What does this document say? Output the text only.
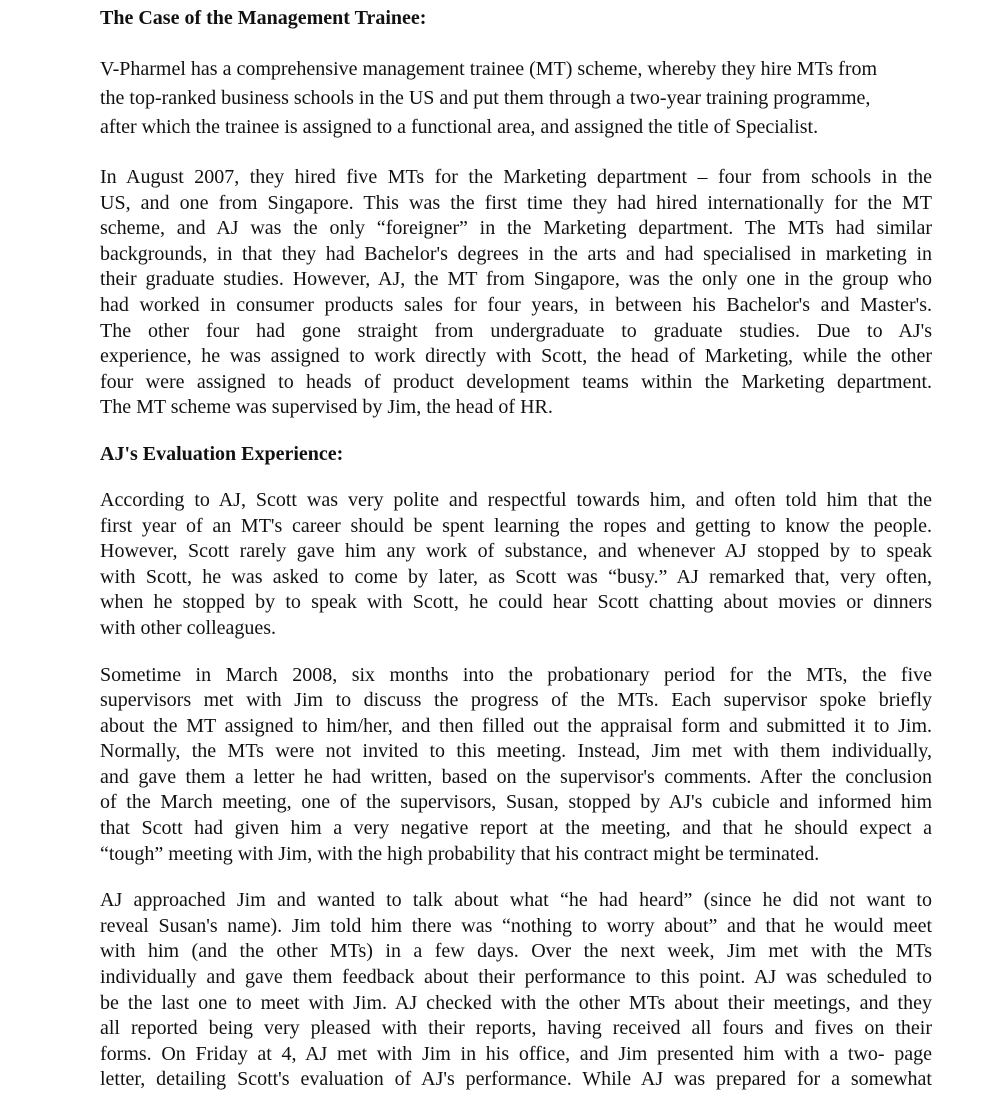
The Case of the Management Trainee:
V-Pharmel has a comprehensive management trainee (MT) scheme, whereby they hire MTs from
the top-ranked business schools in the US and put them through a two-year training programme,
after which the trainee is assigned to a functional area, and assigned the title of Specialist.
In August 2007, they hired five MTs for the Marketing department – four from schools in the
US, and one from Singapore. This was the first time they had hired internationally for the MT
scheme, and AJ was the only “foreigner” in the Marketing department. The MTs had similar
backgrounds, in that they had Bachelor's degrees in the arts and had specialised in marketing in
their graduate studies. However, AJ, the MT from Singapore, was the only one in the group who
had worked in consumer products sales for four years, in between his Bachelor's and Master's.
The other four had gone straight from undergraduate to graduate studies. Due to AJ's
experience, he was assigned to work directly with Scott, the head of Marketing, while the other
four were assigned to heads of product development teams within the Marketing department.
The MT scheme was supervised by Jim, the head of HR.
AJ's Evaluation Experience:
According to AJ, Scott was very polite and respectful towards him, and often told him that the
first year of an MT's career should be spent learning the ropes and getting to know the people.
However, Scott rarely gave him any work of substance, and whenever AJ stopped by to speak
with Scott, he was asked to come by later, as Scott was “busy.” AJ remarked that, very often,
when he stopped by to speak with Scott, he could hear Scott chatting about movies or dinners
with other colleagues.
Sometime in March 2008, six months into the probationary period for the MTs, the five
supervisors met with Jim to discuss the progress of the MTs. Each supervisor spoke briefly
about the MT assigned to him/her, and then filled out the appraisal form and submitted it to Jim.
Normally, the MTs were not invited to this meeting. Instead, Jim met with them individually,
and gave them a letter he had written, based on the supervisor's comments. After the conclusion
of the March meeting, one of the supervisors, Susan, stopped by AJ's cubicle and informed him
that Scott had given him a very negative report at the meeting, and that he should expect a
“tough” meeting with Jim, with the high probability that his contract might be terminated.
AJ approached Jim and wanted to talk about what “he had heard” (since he did not want to
reveal Susan's name). Jim told him there was “nothing to worry about” and that he would meet
with him (and the other MTs) in a few days. Over the next week, Jim met with the MTs
individually and gave them feedback about their performance to this point. AJ was scheduled to
be the last one to meet with Jim. AJ checked with the other MTs about their meetings, and they
all reported being very pleased with their reports, having received all fours and fives on their
forms. On Friday at 4, AJ met with Jim in his office, and Jim presented him with a two- page
letter, detailing Scott's evaluation of AJ's performance. While AJ was prepared for a somewhat
